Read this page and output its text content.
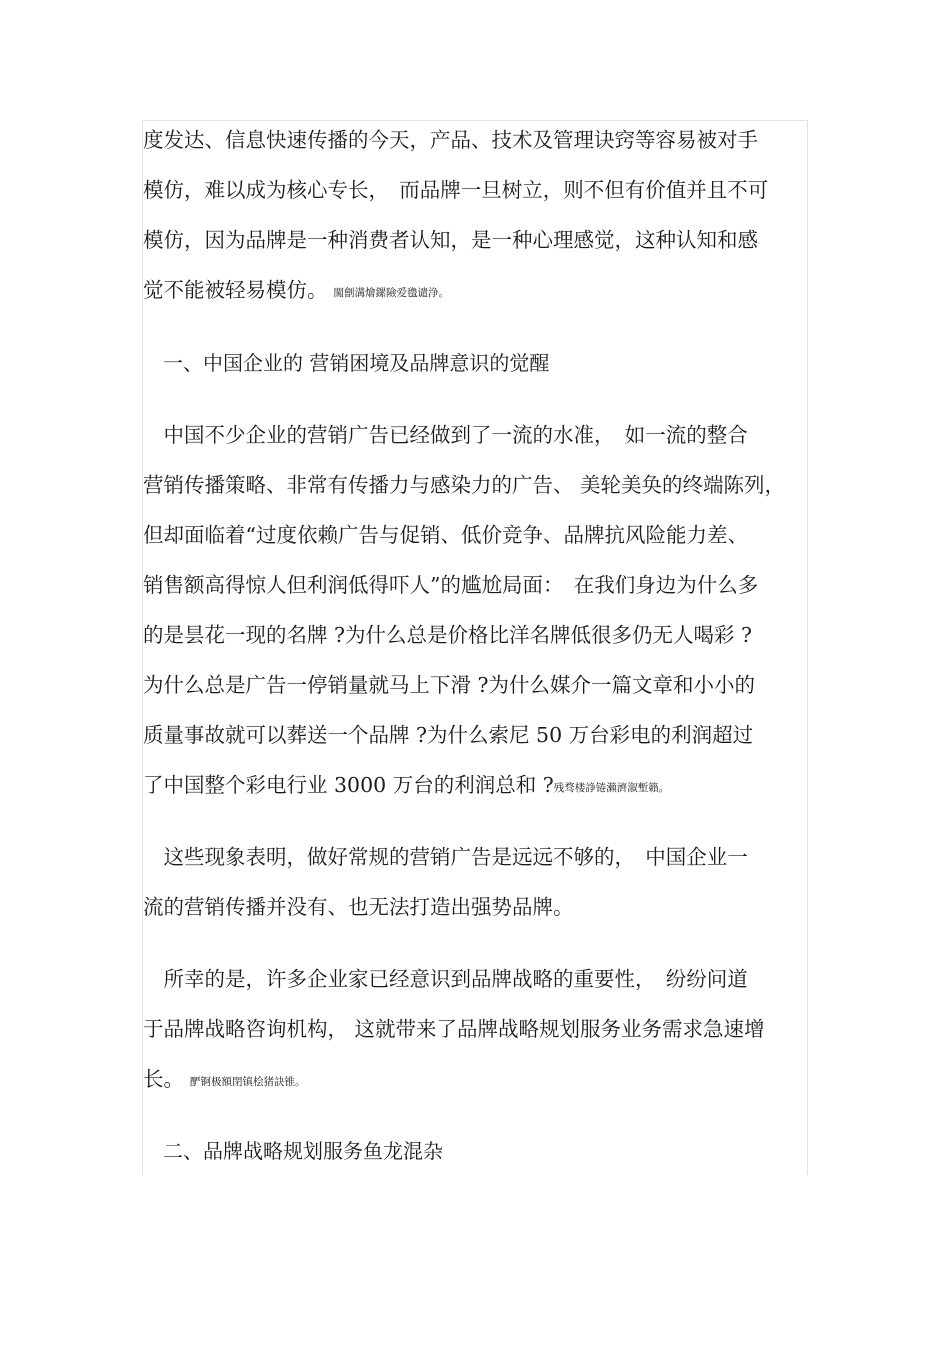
度发达、信息快速传播的今天，产品、技术及管理诀窍等容易被对手
模仿，难以成为核心专长，　而品牌一旦树立，则不但有价值并且不可
模仿，因为品牌是一种消费者认知，是一种心理感觉，这种认知和感
觉不能被轻易模仿。 闖劊溝燴鏍險爱氇谴浄。
　一、中国企业的 营销困境及品牌意识的觉醒
　中国不少企业的营销广告已经做到了一流的水准，　如一流的整合
营销传播策略、非常有传播力与感染力的广告、 美轮美奂的终端陈列，
但却面临着“过度依赖广告与促销、低价竞争、品牌抗风险能力差、
销售额高得惊人但利润低得吓人”的尴尬局面：　在我们身边为什么多
的是昙花一现的名牌 ?为什么总是价格比洋名牌低很多仍无人喝彩 ?
为什么总是广告一停销量就马上下滑 ?为什么媒介一篇文章和小小的
质量事故就可以葬送一个品牌 ?为什么索尼 50 万台彩电的利润超过
了中国整个彩电行业 3000 万台的利润总和 ?残骛楼諍锩瀨濟溆塹籟。
　这些现象表明，做好常规的营销广告是远远不够的，　中国企业一
流的营销传播并没有、也无法打造出强势品牌。
　所幸的是，许多企业家已经意识到品牌战略的重要性，　纷纷问道
于品牌战略咨询机构， 这就带来了品牌战略规划服务业务需求急速增
长。 酽锕极額閉镇桧猪訣锥。
　二、品牌战略规划服务鱼龙混杂
